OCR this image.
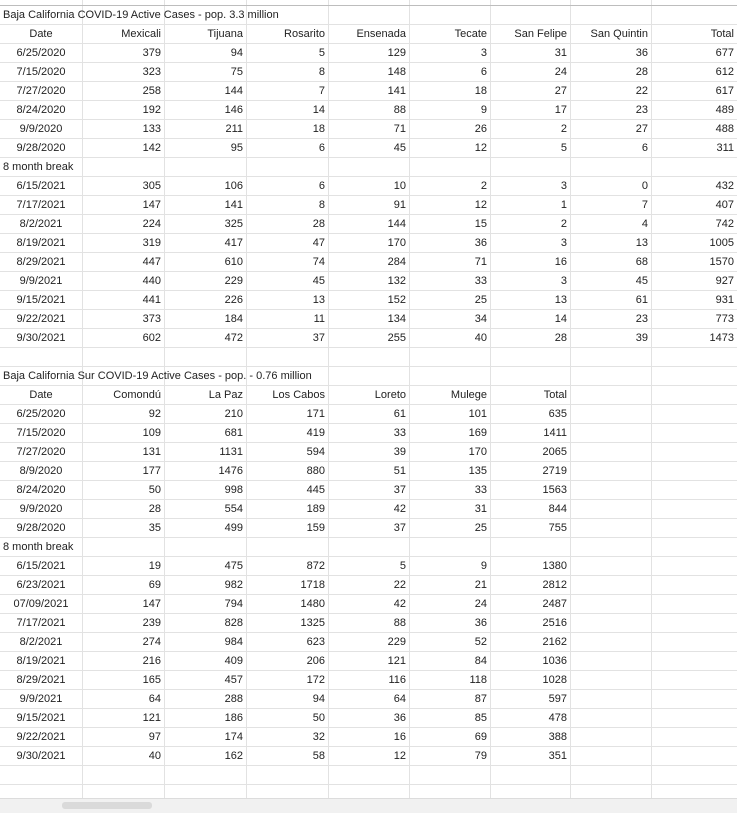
Baja California COVID-19 Active Cases - pop. 3.3 million
Date	Mexicali	Tijuana	Rosarito	Ensenada	Tecate	San Felipe	San Quintin	Total
6/25/2020	379	94	5	129	3	31	36	677
7/15/2020	323	75	8	148	6	24	28	612
7/27/2020	258	144	7	141	18	27	22	617
8/24/2020	192	146	14	88	9	17	23	489
9/9/2020	133	211	18	71	26	2	27	488
9/28/2020	142	95	6	45	12	5	6	311
8 month break
6/15/2021	305	106	6	10	2	3	0	432
7/17/2021	147	141	8	91	12	1	7	407
8/2/2021	224	325	28	144	15	2	4	742
8/19/2021	319	417	47	170	36	3	13	1005
8/29/2021	447	610	74	284	71	16	68	1570
9/9/2021	440	229	45	132	33	3	45	927
9/15/2021	441	226	13	152	25	13	61	931
9/22/2021	373	184	11	134	34	14	23	773
9/30/2021	602	472	37	255	40	28	39	1473
Baja California Sur COVID-19 Active Cases - pop. - 0.76 million
Date	Comondú	La Paz	Los Cabos	Loreto	Mulege	Total
6/25/2020	92	210	171	61	101	635
7/15/2020	109	681	419	33	169	1411
7/27/2020	131	1131	594	39	170	2065
8/9/2020	177	1476	880	51	135	2719
8/24/2020	50	998	445	37	33	1563
9/9/2020	28	554	189	42	31	844
9/28/2020	35	499	159	37	25	755
8 month break
6/15/2021	19	475	872	5	9	1380
6/23/2021	69	982	1718	22	21	2812
07/09/2021	147	794	1480	42	24	2487
7/17/2021	239	828	1325	88	36	2516
8/2/2021	274	984	623	229	52	2162
8/19/2021	216	409	206	121	84	1036
8/29/2021	165	457	172	116	118	1028
9/9/2021	64	288	94	64	87	597
9/15/2021	121	186	50	36	85	478
9/22/2021	97	174	32	16	69	388
9/30/2021	40	162	58	12	79	351
